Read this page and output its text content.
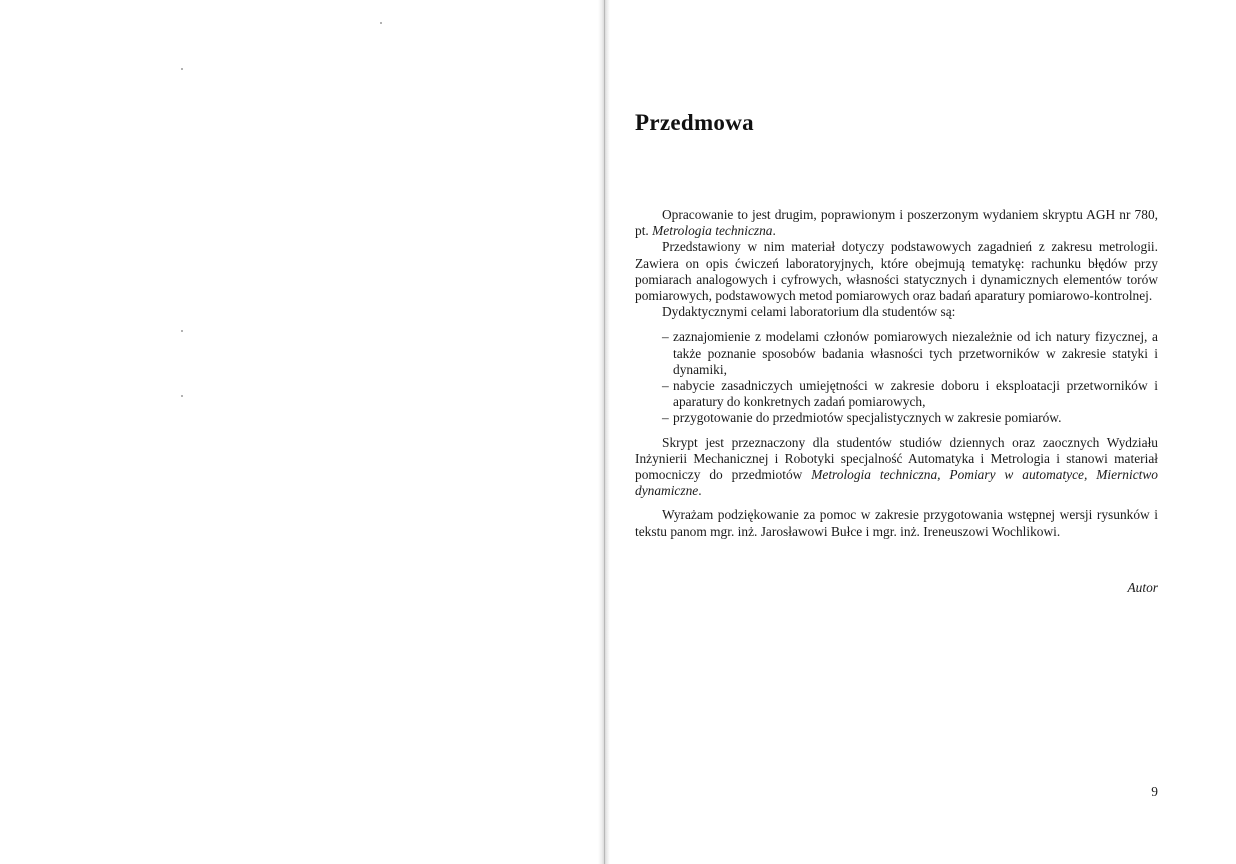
Przedmowa

Opracowanie to jest drugim, poprawionym i poszerzonym wydaniem skryptu AGH nr 780, pt. Metrologia techniczna.

Przedstawiony w nim materiał dotyczy podstawowych zagadnień z zakresu metrologii. Zawiera on opis ćwiczeń laboratoryjnych, które obejmują tematykę: rachunku błędów przy pomiarach analogowych i cyfrowych, własności statycznych i dynamicznych elementów torów pomiarowych, podstawowych metod pomiarowych oraz badań aparatury pomiarowo-kontrolnej.

Dydaktycznymi celami laboratorium dla studentów są:

– zaznajomienie z modelami członów pomiarowych niezależnie od ich natury fizycznej, a także poznanie sposobów badania własności tych przetworników w zakresie statyki i dynamiki,
– nabycie zasadniczych umiejętności w zakresie doboru i eksploatacji przetworników i aparatury do konkretnych zadań pomiarowych,
– przygotowanie do przedmiotów specjalistycznych w zakresie pomiarów.

Skrypt jest przeznaczony dla studentów studiów dziennych oraz zaocznych Wydziału Inżynierii Mechanicznej i Robotyki specjalność Automatyka i Metrologia i stanowi materiał pomocniczy do przedmiotów Metrologia techniczna, Pomiary w automatyce, Miernictwo dynamiczne.

Wyrażam podziękowanie za pomoc w zakresie przygotowania wstępnej wersji rysunków i tekstu panom mgr. inż. Jarosławowi Bułce i mgr. inż. Ireneuszowi Wochlikowi.

Autor
9
